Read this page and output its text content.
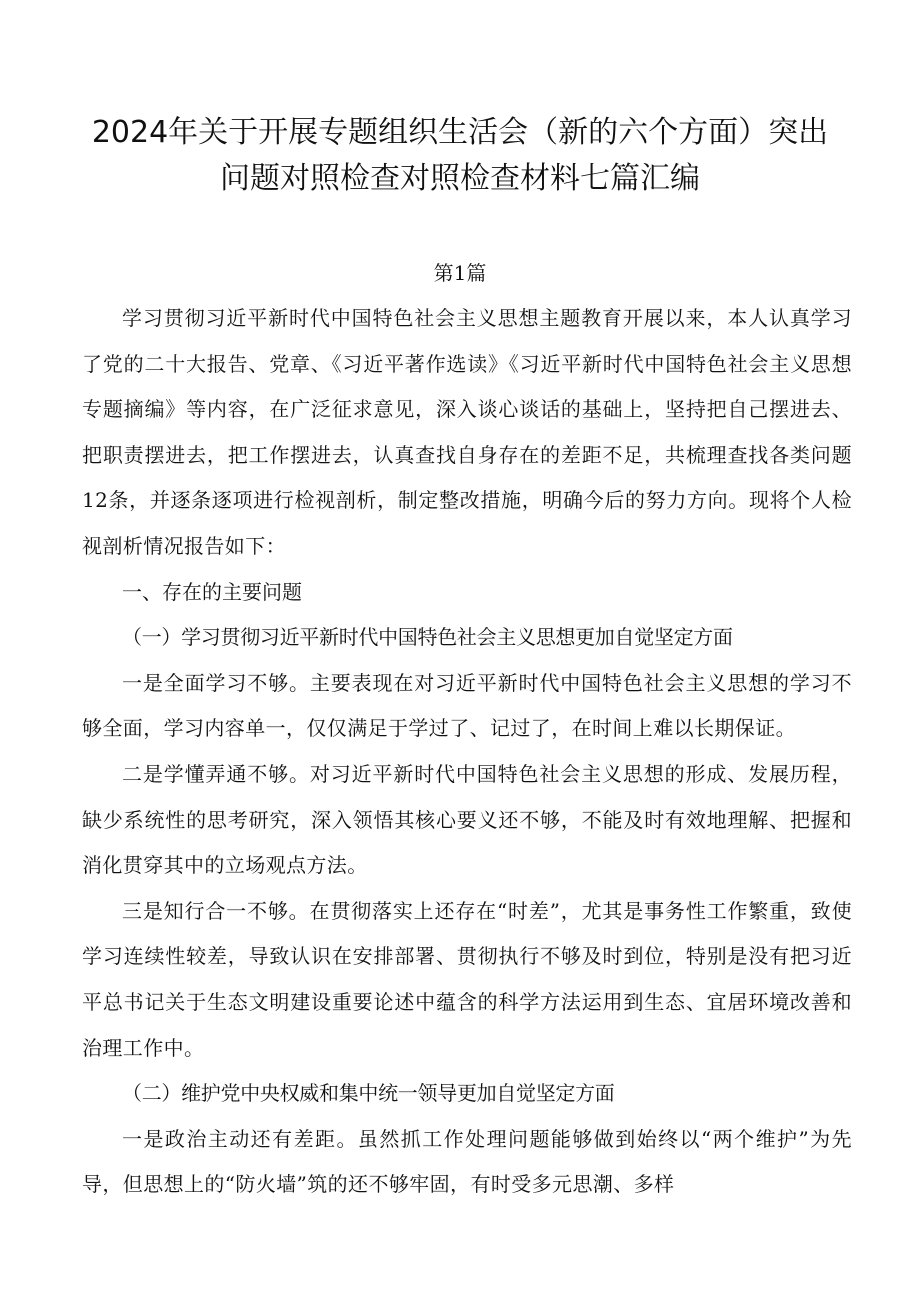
2024年关于开展专题组织生活会（新的六个方面）突出
问题对照检查对照检查材料七篇汇编
第1篇

学习贯彻习近平新时代中国特色社会主义思想主题教育开展以来，本人认真学习了党的二十大报告、党章、《习近平著作选读》《习近平新时代中国特色社会主义思想专题摘编》等内容，在广泛征求意见，深入谈心谈话的基础上，坚持把自己摆进去、把职责摆进去，把工作摆进去，认真查找自身存在的差距不足，共梳理查找各类问题12条，并逐条逐项进行检视剖析，制定整改措施，明确今后的努力方向。现将个人检视剖析情况报告如下：

一、存在的主要问题

（一）学习贯彻习近平新时代中国特色社会主义思想更加自觉坚定方面

一是全面学习不够。主要表现在对习近平新时代中国特色社会主义思想的学习不够全面，学习内容单一，仅仅满足于学过了、记过了，在时间上难以长期保证。

二是学懂弄通不够。对习近平新时代中国特色社会主义思想的形成、发展历程，缺少系统性的思考研究，深入领悟其核心要义还不够，不能及时有效地理解、把握和消化贯穿其中的立场观点方法。

三是知行合一不够。在贯彻落实上还存在“时差”，尤其是事务性工作繁重，致使学习连续性较差，导致认识在安排部署、贯彻执行不够及时到位，特别是没有把习近平总书记关于生态文明建设重要论述中蕴含的科学方法运用到生态、宜居环境改善和治理工作中。

（二）维护党中央权威和集中统一领导更加自觉坚定方面

一是政治主动还有差距。虽然抓工作处理问题能够做到始终以“两个维护”为先导，但思想上的“防火墙”筑的还不够牢固，有时受多元思潮、多样
